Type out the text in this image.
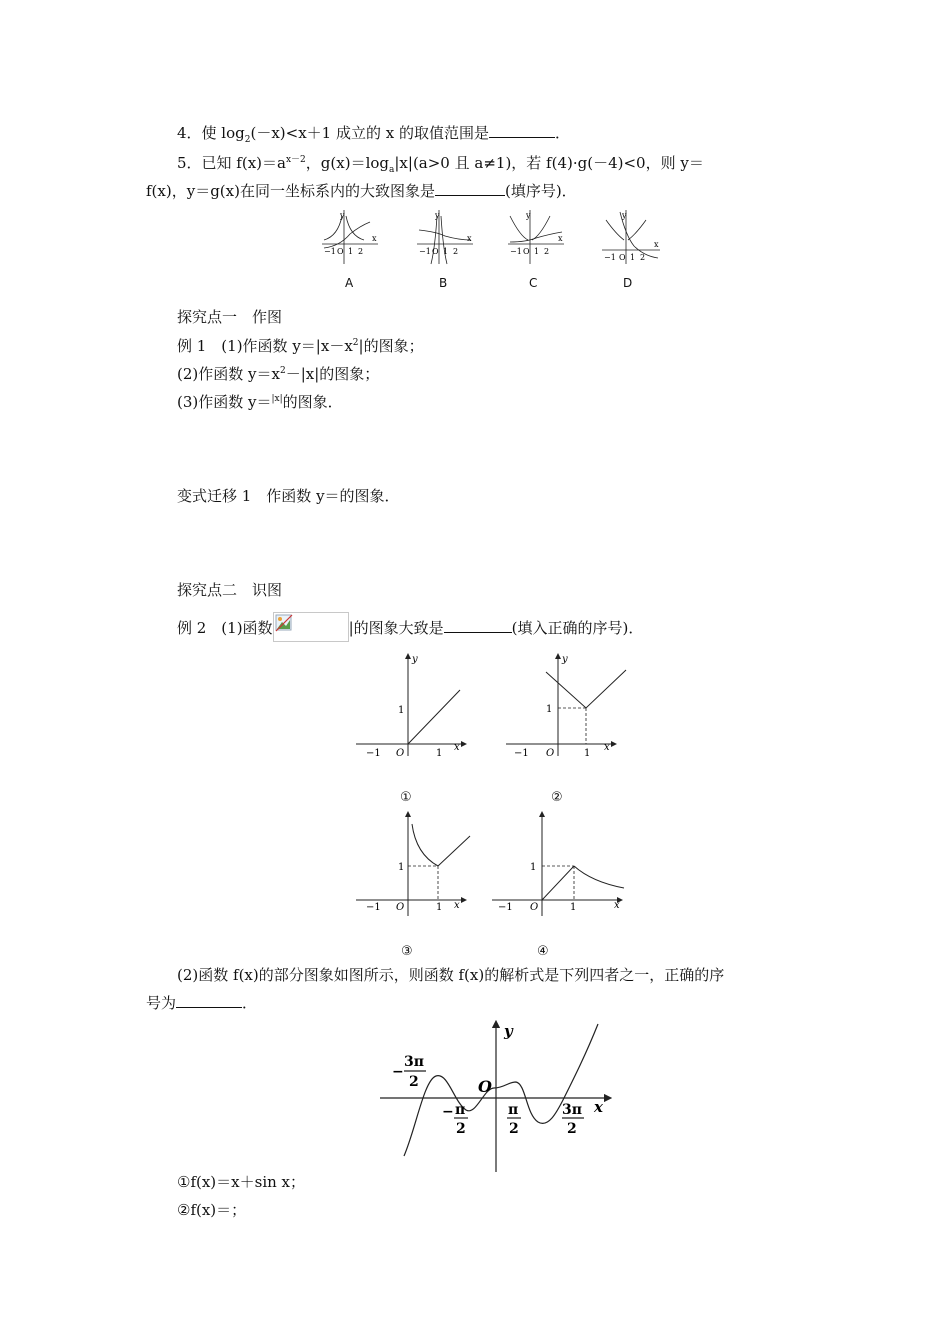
4．使 $\log_2(-x)<x+1$ 成立的 x 的取值范围是	．
5．已知 $f(x)=a^{x-2}$，$g(x)=\log_a|x|(a>0$ 且 a≠1)，若 f(4)·g(－4)<0，则 y＝
f(x)，y＝g(x)在同一坐标系内的大致图象是	(填序号)．
y
x
−1 O 1 2
y
x
−1 O 1 2
y
x
−1 O 1 2
y
x
−1 O 1 2
A	B	C	D
探究点一　作图
例 1　(1)作函数 $y=|x-x^2|$的图象；
(2)作函数 $y=x^2-|x|$的图象；
(3)作函数 y＝$^{|x|}$的图象．
变式迁移 1　作函数 y＝的图象．
探究点二　识图
例 2　(1)函数	|的图象大致是	(填入正确的序号)．
y
x
O
−1	1
1
①
y
x
O
−1	1
1
②
x
O
−1	1
1
③
x
O
−1	1
1
④
(2)函数 f(x)的部分图象如图所示，则函数 f(x)的解析式是下列四者之一，正确的序
号为	．
y
x
O
−
3π
2
− π
2
π
2
3π
2
①f(x)＝x＋sin x；
②f(x)＝；
